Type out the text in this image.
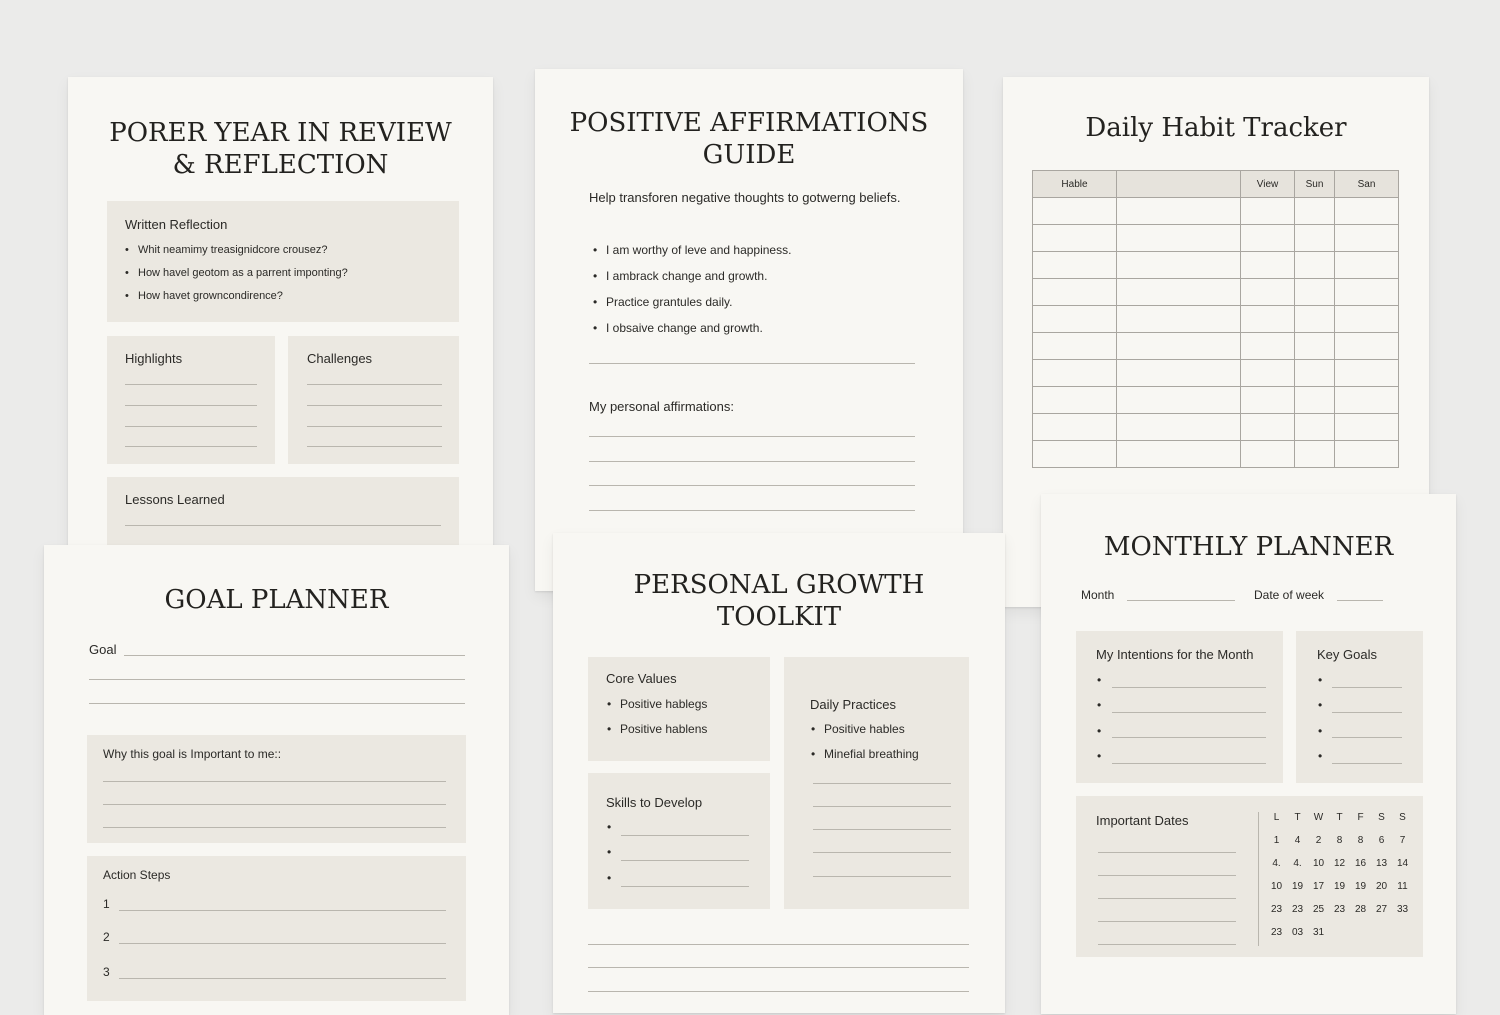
PORER YEAR IN REVIEW
& REFLECTION
Written Reflection
• Whit neamimy treasignidcore crousez?
• How havel geotom as a parrent imponting?
• How havet growncondirence?
Highlights	Challenges
Lessons Learned
POSITIVE AFFIRMATIONS
GUIDE
Help transforen negative thoughts to gotwerng beliefs.
• I am worthy of leve and happiness.
• I ambrack change and growth.
• Practice grantules daily.
• I obsaive change and growth.
My personal affirmations:
Daily Habit Tracker
Hable		View	Sun	San

GOAL PLANNER
Goal
Why this goal is Important to me::
Action Steps
1
2
3
PERSONAL GROWTH
TOOLKIT
Core Values
• Positive hablegs
• Positive hablens
Daily Practices
• Positive hables
• Minefial breathing
Skills to Develop
•
•
•
MONTHLY PLANNER
Month	Date of week
My Intentions for the Month
•
•
•
•
Key Goals
•
•
•
•
Important Dates	L	T	W	T	F	S	S
1	4	2	8	8	6	7
4.	4.	10	12	16	13	14
10	19	17	19	19	20	11
23	23	25	23	28	27	33
23	03	31				
